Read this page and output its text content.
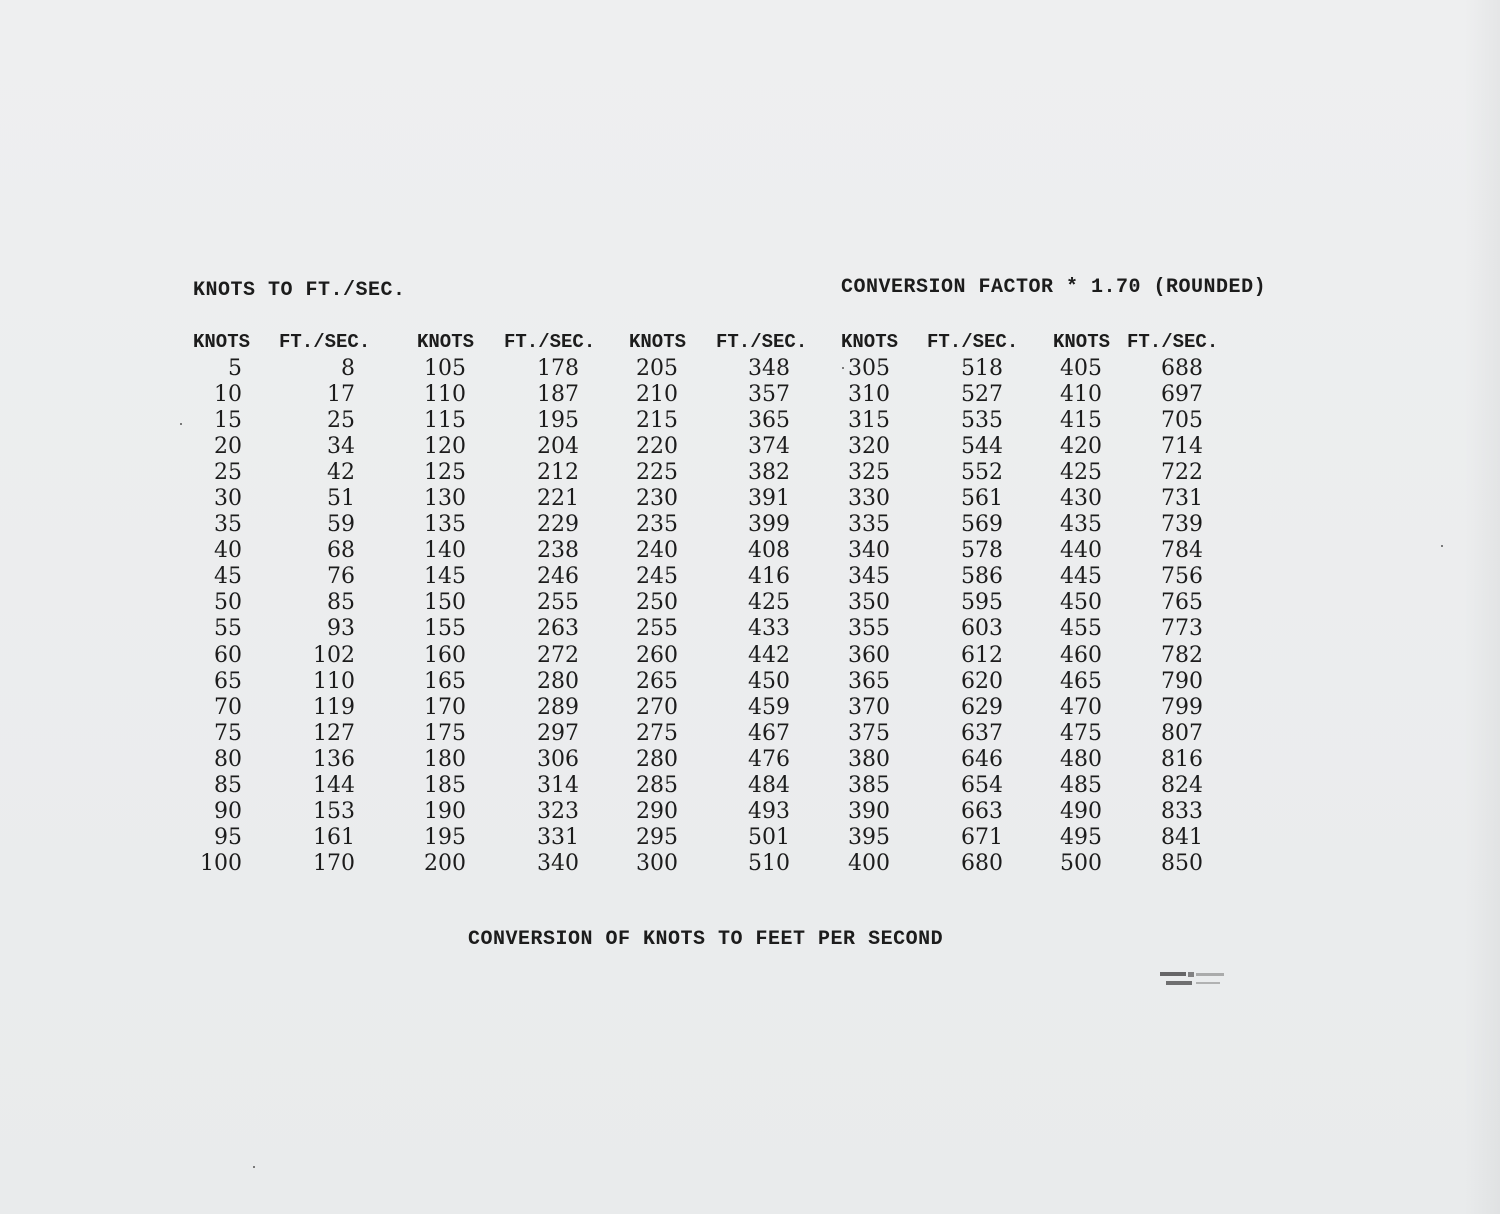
KNOTS TO FT./SEC.	CONVERSION FACTOR * 1.70 (ROUNDED)
KNOTS
5
10
15
20
25
30
35
40
45
50
55
60
65
70
75
80
85
90
95
100
FT./SEC.
8
17
25
34
42
51
59
68
76
85
93
102
110
119
127
136
144
153
161
170
KNOTS
105
110
115
120
125
130
135
140
145
150
155
160
165
170
175
180
185
190
195
200
FT./SEC.
178
187
195
204
212
221
229
238
246
255
263
272
280
289
297
306
314
323
331
340
KNOTS
205
210
215
220
225
230
235
240
245
250
255
260
265
270
275
280
285
290
295
300
FT./SEC.
348
357
365
374
382
391
399
408
416
425
433
442
450
459
467
476
484
493
501
510
KNOTS
305
310
315
320
325
330
335
340
345
350
355
360
365
370
375
380
385
390
395
400
FT./SEC.
518
527
535
544
552
561
569
578
586
595
603
612
620
629
637
646
654
663
671
680
KNOTS
405
410
415
420
425
430
435
440
445
450
455
460
465
470
475
480
485
490
495
500
FT./SEC.
688
697
705
714
722
731
739
784
756
765
773
782
790
799
807
816
824
833
841
850
CONVERSION OF KNOTS TO FEET PER SECOND
